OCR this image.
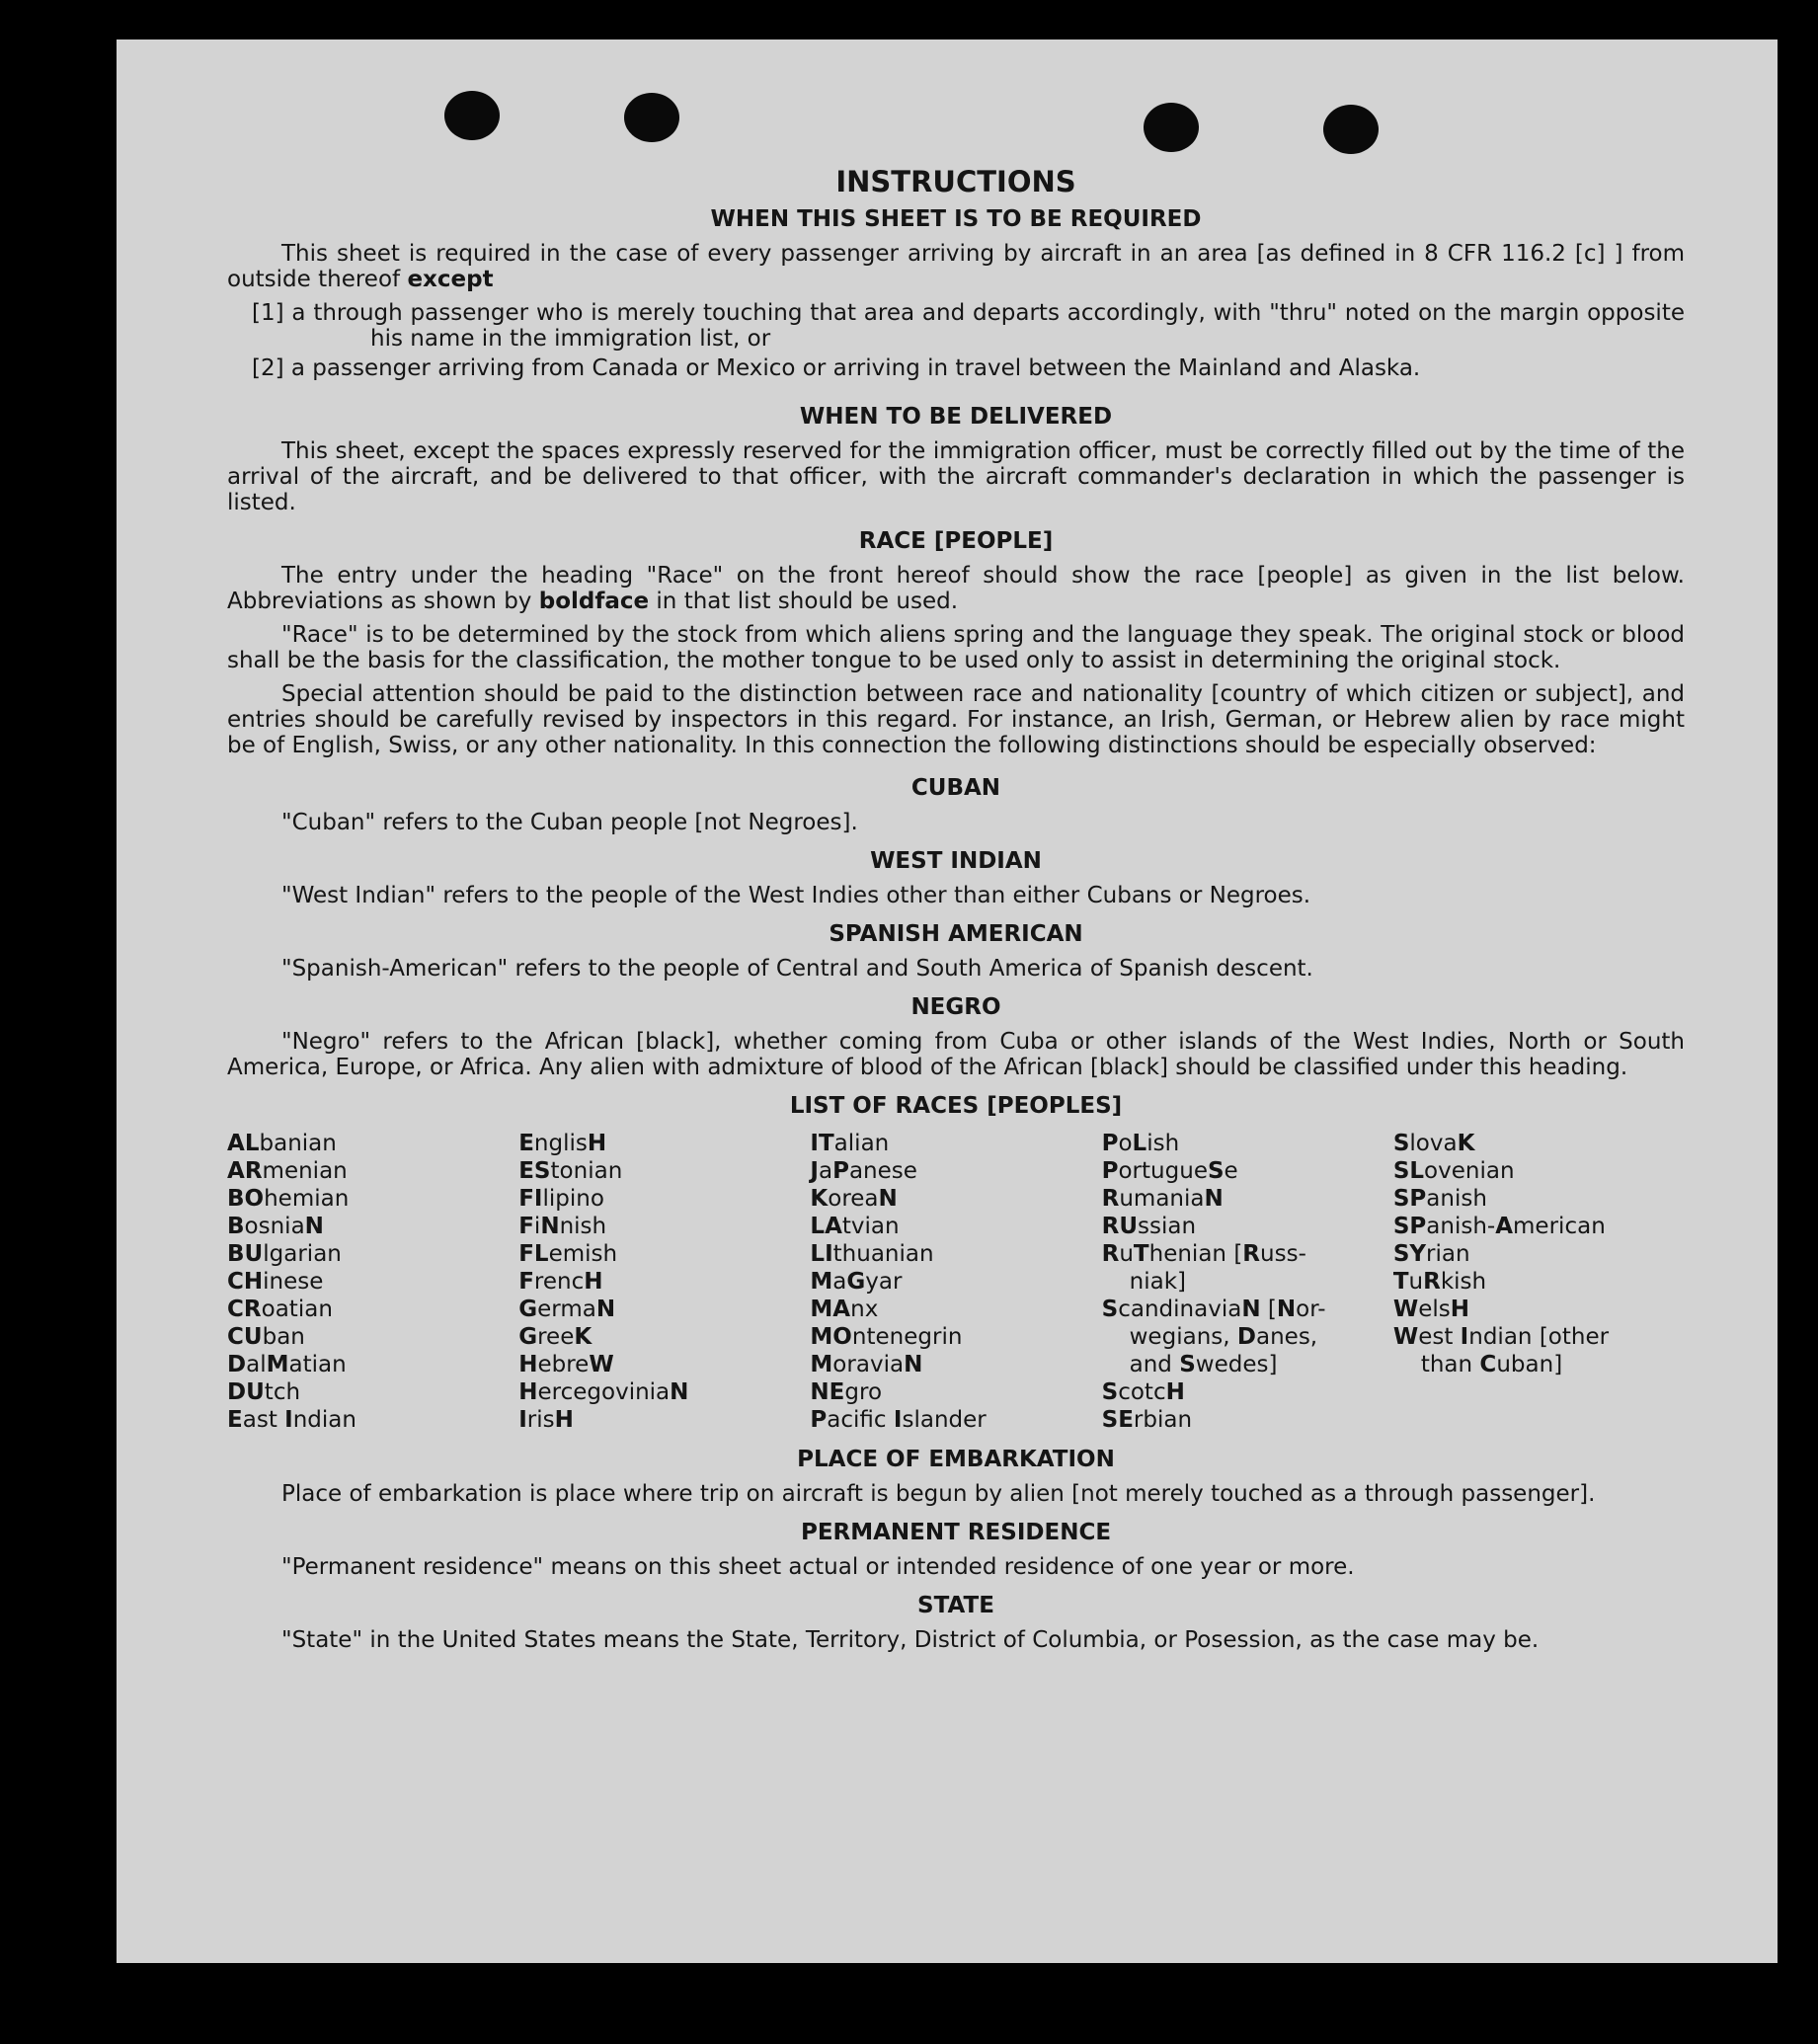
INSTRUCTIONS
WHEN THIS SHEET IS TO BE REQUIRED

This sheet is required in the case of every passenger arriving by aircraft in an area [as defined in 8 CFR 116.2 [c] ] from outside thereof except

[1] a through passenger who is merely touching that area and departs accordingly, with "thru" noted on the margin opposite his name in the immigration list, or

[2] a passenger arriving from Canada or Mexico or arriving in travel between the Mainland and Alaska.

WHEN TO BE DELIVERED

This sheet, except the spaces expressly reserved for the immigration officer, must be correctly filled out by the time of the arrival of the aircraft, and be delivered to that officer, with the aircraft commander's declaration in which the passenger is listed.

RACE [PEOPLE]

The entry under the heading "Race" on the front hereof should show the race [people] as given in the list below. Abbreviations as shown by boldface in that list should be used.

"Race" is to be determined by the stock from which aliens spring and the language they speak. The original stock or blood shall be the basis for the classification, the mother tongue to be used only to assist in determining the original stock.

Special attention should be paid to the distinction between race and nationality [country of which citizen or subject], and entries should be carefully revised by inspectors in this regard. For instance, an Irish, German, or Hebrew alien by race might be of English, Swiss, or any other nationality. In this connection the following distinctions should be especially observed:

CUBAN

"Cuban" refers to the Cuban people [not Negroes].

WEST INDIAN

"West Indian" refers to the people of the West Indies other than either Cubans or Negroes.

SPANISH AMERICAN

"Spanish-American" refers to the people of Central and South America of Spanish descent.

NEGRO

"Negro" refers to the African [black], whether coming from Cuba or other islands of the West Indies, North or South America, Europe, or Africa. Any alien with admixture of blood of the African [black] should be classified under this heading.

LIST OF RACES [PEOPLES]
ALbanian
ARmenian
BOhemian
BosniaN
BUlgarian
CHinese
CRoatian
CUban
DalMatian
DUtch
East Indian
EnglisH
EStonian
FIlipino
FiNnish
FLemish
FrencH
GermaN
GreeK
HebreW
HercegoviniaN
IrisH
ITalian
JaPanese
KoreaN
LAtvian
LIthuanian
MaGyar
MAnx
MOntenegrin
MoraviaN
NEgro
Pacifc Islander
PoLish
PortugueSe
RumaniaN
RUssian
RuThenian [Russ-
niak]
ScandinaviaN [Nor-
wegians, Danes,
and Swedes]
ScotcH
SErbian
SlovaK
SLovenian
SPanish
SPanish-American
SYrian
TuRkish
WelsH
West Indian [other
than Cuban]
PLACE OF EMBARKATION

Place of embarkation is place where trip on aircraft is begun by alien [not merely touched as a through passenger].

PERMANENT RESIDENCE

"Permanent residence" means on this sheet actual or intended residence of one year or more.

STATE

"State" in the United States means the State, Territory, District of Columbia, or Posession, as the case may be.
